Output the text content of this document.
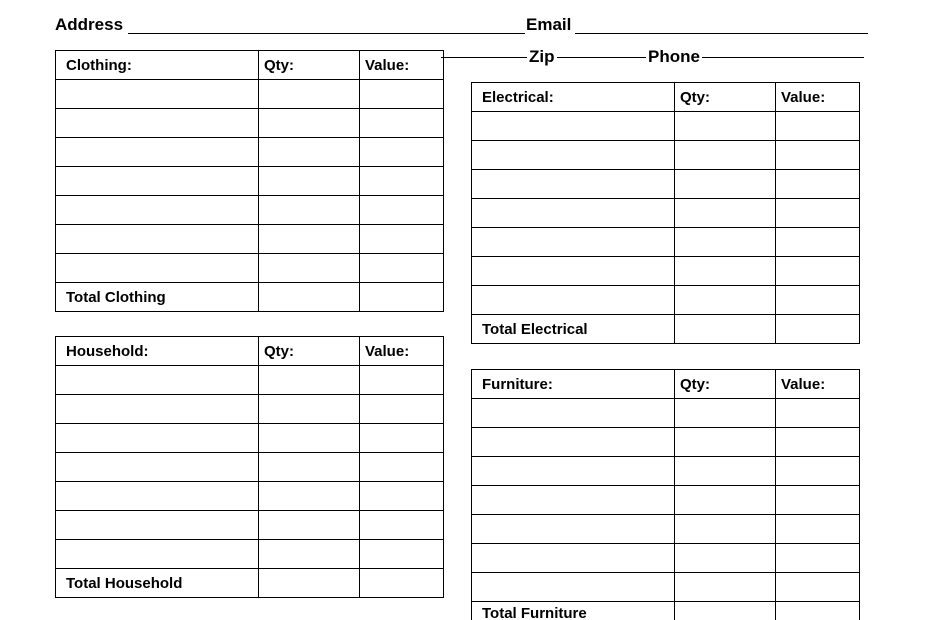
Address	Email
Zip	Phone
Clothing:	Qty:	Value:

Total Clothing		
Household:	Qty:	Value:

Total Household		
Electrical:	Qty:	Value:

Total Electrical		
Furniture:	Qty:	Value:

Total Furniture		
